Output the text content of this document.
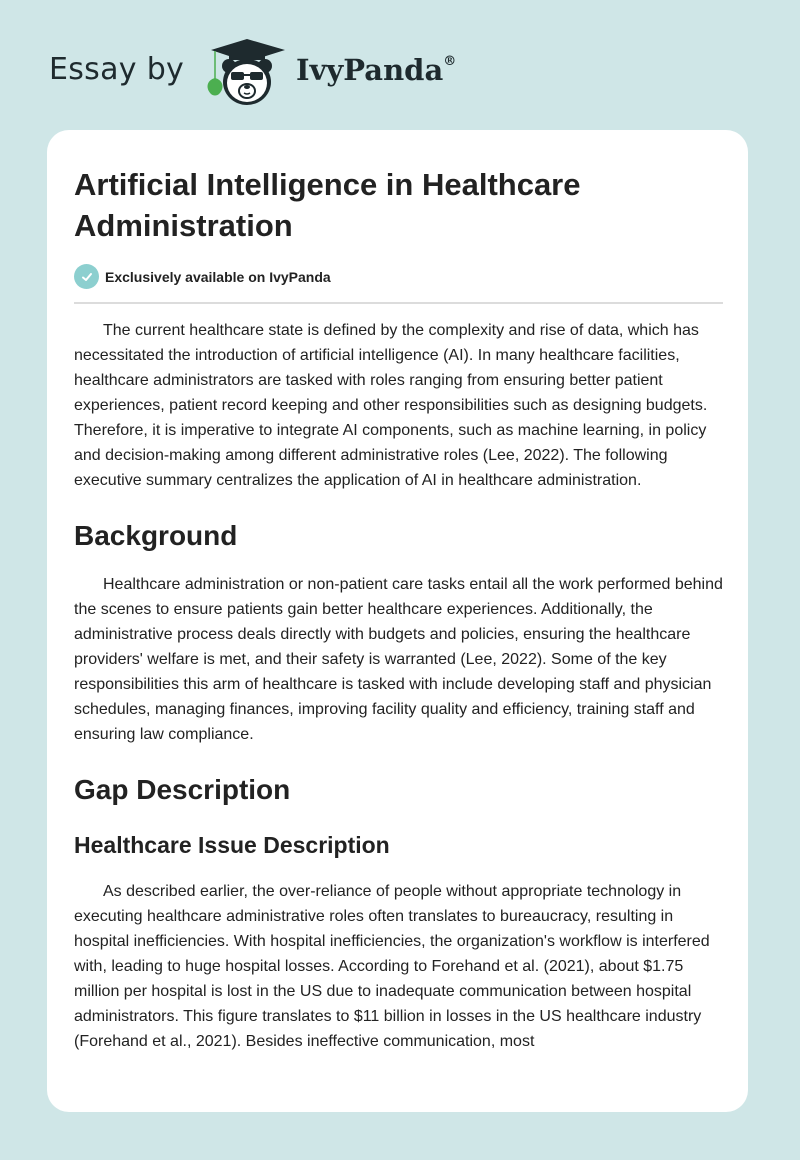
Essay by	IvyPanda®
Artificial Intelligence in Healthcare Administration
Exclusively available on IvyPanda

The current healthcare state is defined by the complexity and rise of data, which has necessitated the introduction of artificial intelligence (AI). In many healthcare facilities, healthcare administrators are tasked with roles ranging from ensuring better patient experiences, patient record keeping and other responsibilities such as designing budgets. Therefore, it is imperative to integrate AI components, such as machine learning, in policy and decision-making among different administrative roles (Lee, 2022). The following executive summary centralizes the application of AI in healthcare administration.

Background

Healthcare administration or non-patient care tasks entail all the work performed behind the scenes to ensure patients gain better healthcare experiences. Additionally, the administrative process deals directly with budgets and policies, ensuring the healthcare providers' welfare is met, and their safety is warranted (Lee, 2022). Some of the key responsibilities this arm of healthcare is tasked with include developing staff and physician schedules, managing finances, improving facility quality and efficiency, training staff and ensuring law compliance.

Gap Description
Healthcare Issue Description

As described earlier, the over-reliance of people without appropriate technology in executing healthcare administrative roles often translates to bureaucracy, resulting in hospital inefficiencies. With hospital inefficiencies, the organization's workflow is interfered with, leading to huge hospital losses. According to Forehand et al. (2021), about $1.75 million per hospital is lost in the US due to inadequate communication between hospital administrators. This figure translates to $11 billion in losses in the US healthcare industry (Forehand et al., 2021). Besides ineffective communication, most
